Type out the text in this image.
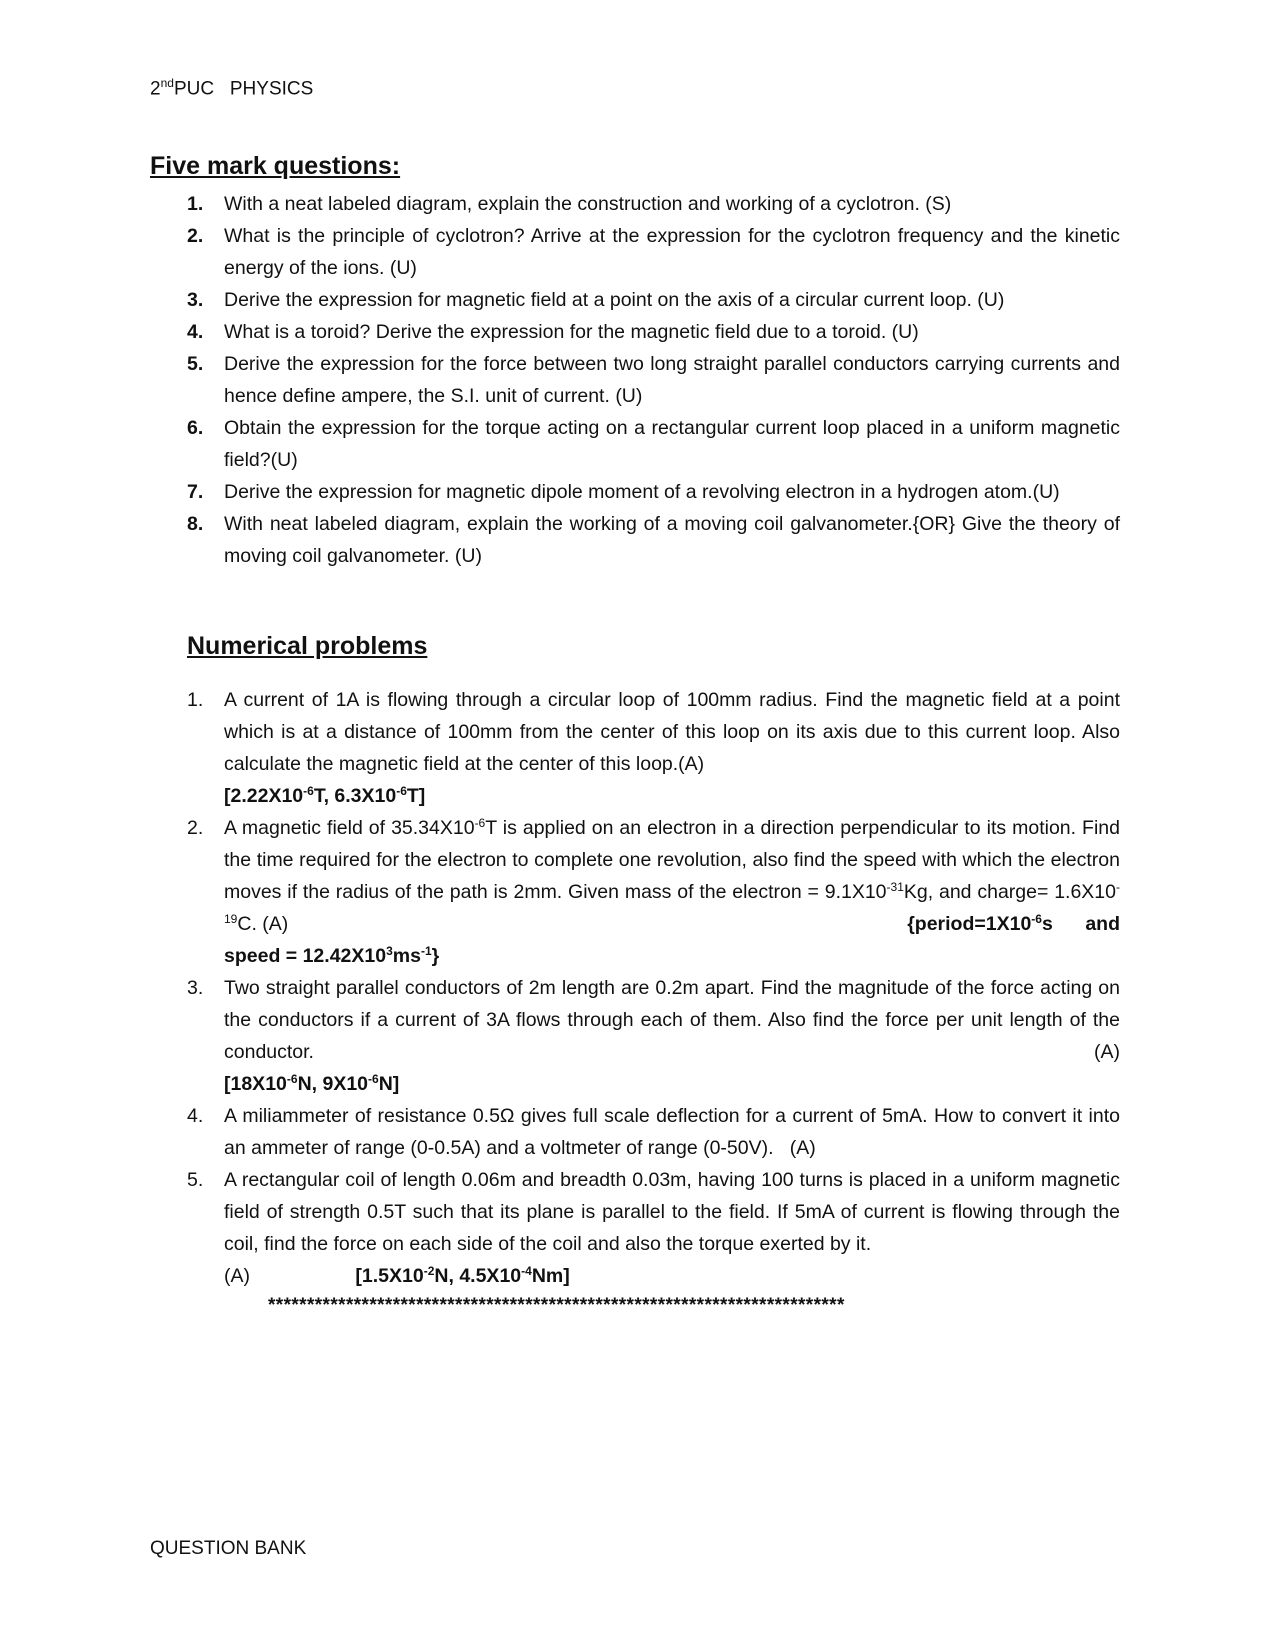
2ndPUC   PHYSICS
Five mark questions:
1. With a neat labeled diagram, explain the construction and working of a cyclotron. (S)
2. What is the principle of cyclotron? Arrive at the expression for the cyclotron frequency and the kinetic energy of the ions. (U)
3. Derive the expression for magnetic field at a point on the axis of a circular current loop. (U)
4. What is a toroid? Derive the expression for the magnetic field due to a toroid. (U)
5. Derive the expression for the force between two long straight parallel conductors carrying currents and hence define ampere, the S.I. unit of current. (U)
6. Obtain the expression for the torque acting on a rectangular current loop placed in a uniform magnetic field?(U)
7. Derive the expression for magnetic dipole moment of a revolving electron in a hydrogen atom.(U)
8. With neat labeled diagram, explain the working of a moving coil galvanometer.{OR} Give the theory of moving coil galvanometer. (U)
Numerical problems
1. A current of 1A is flowing through a circular loop of 100mm radius. Find the magnetic field at a point which is at a distance of 100mm from the center of this loop on its axis due to this current loop. Also calculate the magnetic field at the center of this loop.(A)
[$2.22X10^{-6}T$, $6.3X10^{-6}T$]
2. A magnetic field of $35.34X10^{-6}T$ is applied on an electron in a direction perpendicular to its motion. Find the time required for the electron to complete one revolution, also find the speed with which the electron moves if the radius of the path is 2mm. Given mass of the electron = $9.1X10^{-31}Kg$, and charge= $1.6X10^{-19}C$. (A)	{$period=1X10^{-6}s$      and

speed = $12.42X10^3ms^{-1}$}
3. Two straight parallel conductors of 2m length are 0.2m apart. Find the magnitude of the force acting on the conductors if a current of 3A flows through each of them. Also find the force per unit length of the conductor.	(A)

[$18X10^{-6}N$, $9X10^{-6}N$]
4. A miliammeter of resistance 0.5Ω gives full scale deflection for a current of 5mA. How to convert it into an ammeter of range (0-0.5A) and a voltmeter of range (0-50V).   (A)
5. A rectangular coil of length 0.06m and breadth 0.03m, having 100 turns is placed in a uniform magnetic field of strength 0.5T such that its plane is parallel to the field. If 5mA of current is flowing through the coil, find the force on each side of the coil and also the torque exerted by it.
(A)	[$1.5X10^{-2}N$, $4.5X10^{-4}Nm$]
**************************************************************************
QUESTION BANK
